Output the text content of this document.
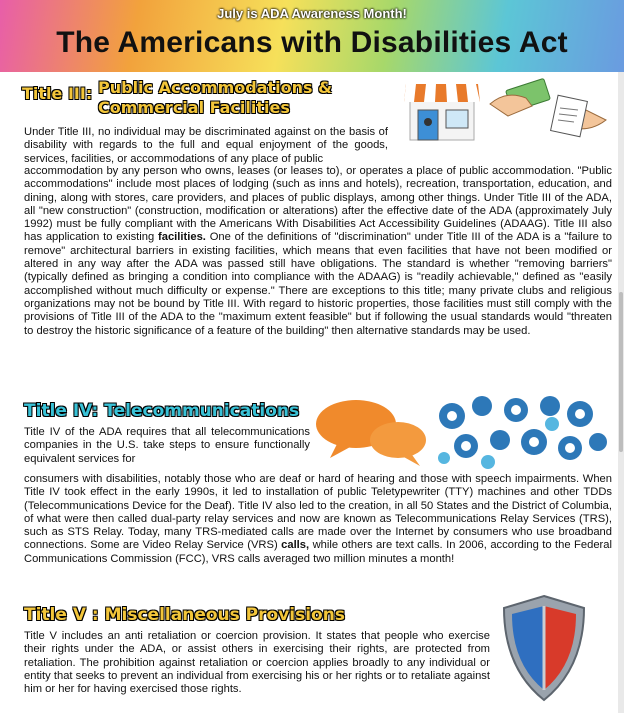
July is ADA Awareness Month!
The Americans with Disabilities Act
Title III: Public Accommodations &
Commercial Facilities
Under Title III, no individual may be discriminated against on the basis of disability with regards to the full and equal enjoyment of the goods, services, facilities, or accommodations of any place of public
accommodation by any person who owns, leases (or leases to), or operates a place of public accommodation. "Public accommodations" include most places of lodging (such as inns and hotels), recreation, transportation, education, and dining, along with stores, care providers, and places of public displays, among other things. Under Title III of the ADA, all "new construction" (construction, modification or alterations) after the effective date of the ADA (approximately July 1992) must be fully compliant with the Americans With Disabilities Act Accessibility Guidelines (ADAAG). Title III also has application to existing facilities. One of the definitions of "discrimination" under Title III of the ADA is a "failure to remove" architectural barriers in existing facilities, which means that even facilities that have not been modified or altered in any way after the ADA was passed still have obligations. The standard is whether "removing barriers" (typically defined as bringing a condition into compliance with the ADAAG) is "readily achievable," defined as "easily accomplished without much difficulty or expense." There are exceptions to this title; many private clubs and religious organizations may not be bound by Title III. With regard to historic properties, those facilities must still comply with the provisions of Title III of the ADA to the "maximum extent feasible" but if following the usual standards would "threaten to destroy the historic significance of a feature of the building" then alternative standards may be used.
Title IV: Telecommunications
Title IV of the ADA requires that all telecommunications companies in the U.S. take steps to ensure functionally equivalent services for
consumers with disabilities, notably those who are deaf or hard of hearing and those with speech impairments. When Title IV took effect in the early 1990s, it led to installation of public Teletypewriter (TTY) machines and other TDDs (Telecommunications Device for the Deaf). Title IV also led to the creation, in all 50 States and the District of Columbia, of what were then called dual-party relay services and now are known as Telecommunications Relay Services (TRS), such as STS Relay. Today, many TRS-mediated calls are made over the Internet by consumers who use broadband connections. Some are Video Relay Service (VRS) calls, while others are text calls. In 2006, according to the Federal Communications Commission (FCC), VRS calls averaged two million minutes a month!
Title V : Miscellaneous Provisions
Title V includes an anti retaliation or coercion provision. It states that people who exercise their rights under the ADA, or assist others in exercising their rights, are protected from retaliation. The prohibition against retaliation or coercion applies broadly to any individual or entity that seeks to prevent an individual from exercising his or her rights or to retaliate against him or her for having exercised those rights.
